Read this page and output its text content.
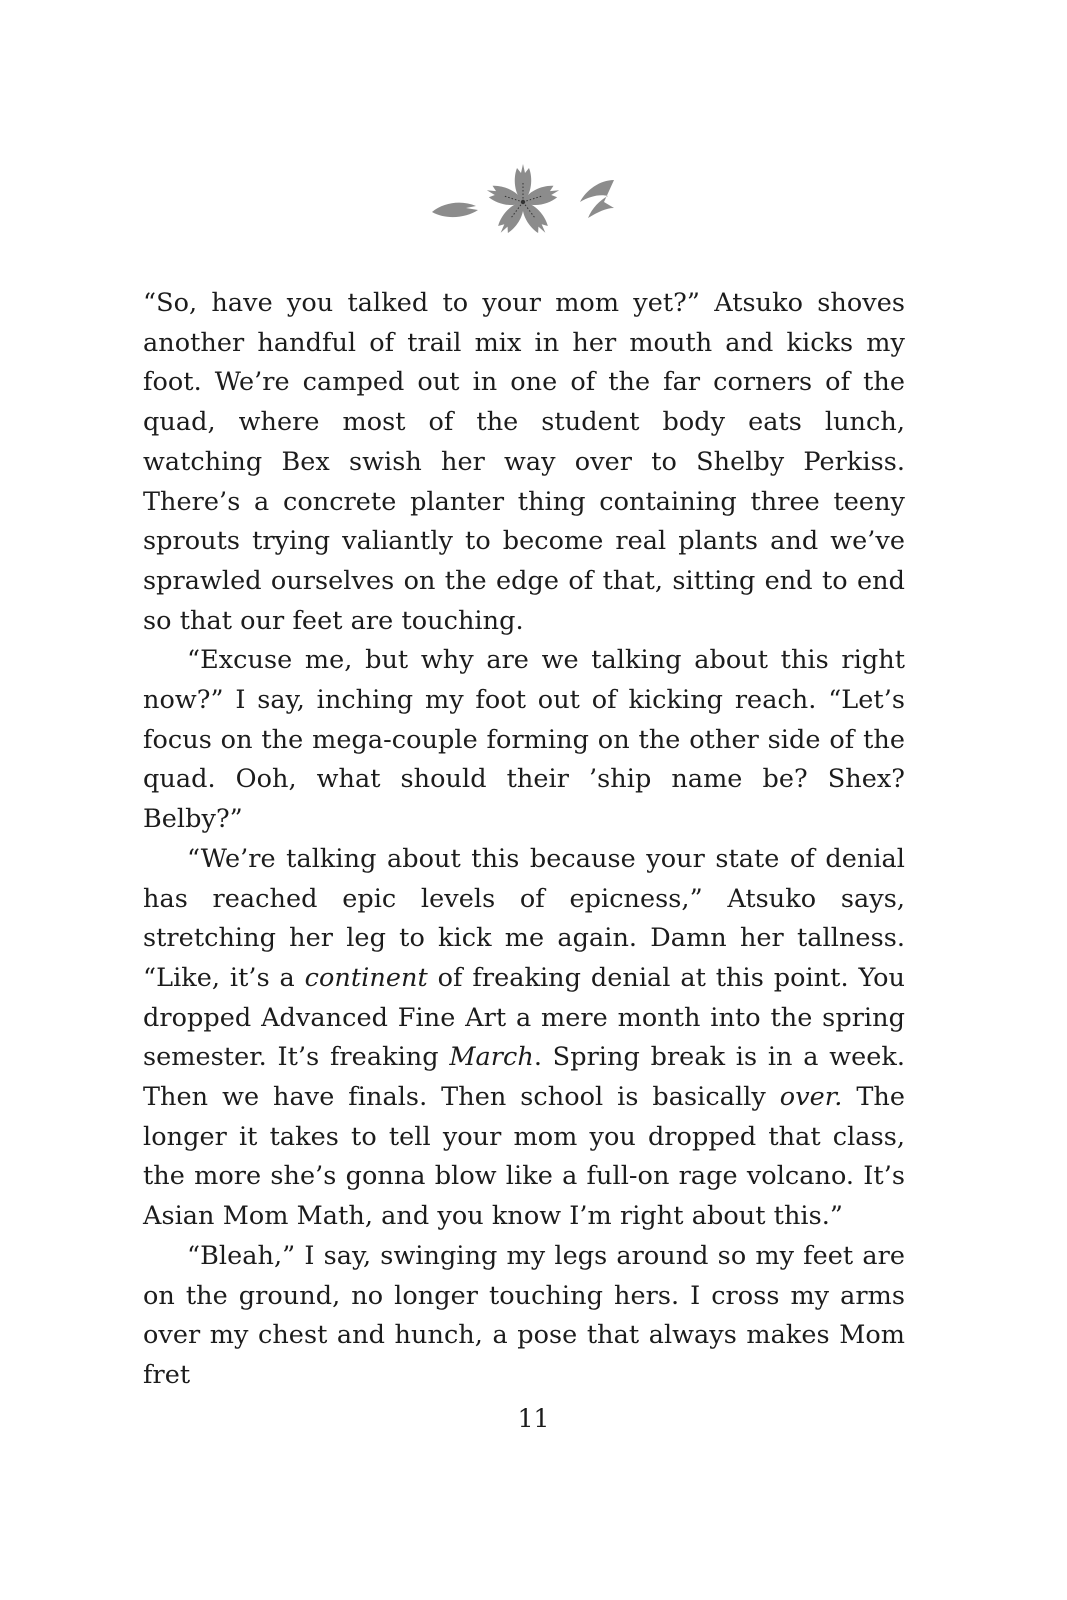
“So, have you talked to your mom yet?” Atsuko shoves another handful of trail mix in her mouth and kicks my foot. We’re camped out in one of the far corners of the quad, where most of the student body eats lunch, watching Bex swish her way over to Shelby Perkiss. There’s a concrete planter thing containing three teeny sprouts trying valiantly to become real plants and we’ve sprawled ourselves on the edge of that, sitting end to end so that our feet are touching.

“Excuse me, but why are we talking about this right now?” I say, inching my foot out of kicking reach. “Let’s focus on the mega-couple forming on the other side of the quad. Ooh, what should their ’ship name be? Shex? Belby?”

“We’re talking about this because your state of denial has reached epic levels of epicness,” Atsuko says, stretching her leg to kick me again. Damn her tallness. “Like, it’s a continent of freaking denial at this point. You dropped Advanced Fine Art a mere month into the spring semester. It’s freaking March. Spring break is in a week. Then we have finals. Then school is basically over. The longer it takes to tell your mom you dropped that class, the more she’s gonna blow like a full-on rage volcano. It’s Asian Mom Math, and you know I’m right about this.”

“Bleah,” I say, swinging my legs around so my feet are on the ground, no longer touching hers. I cross my arms over my chest and hunch, a pose that always makes Mom fret

11
